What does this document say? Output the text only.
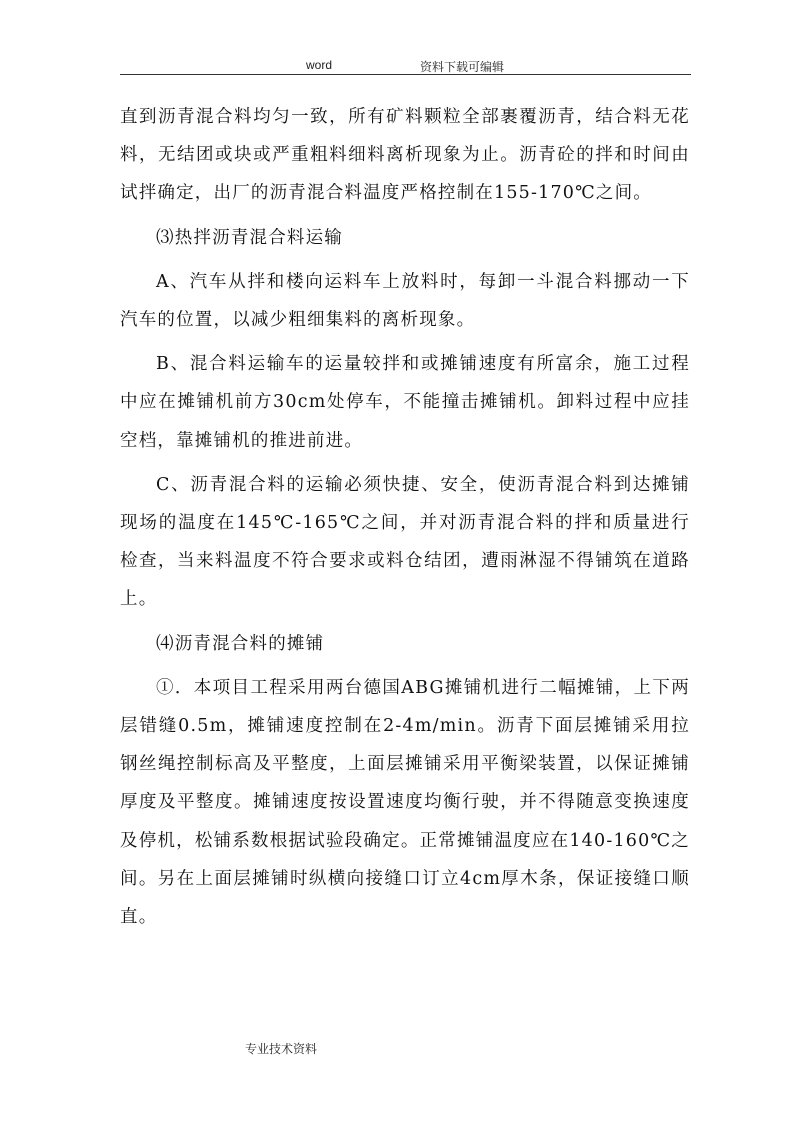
word	资料下载可编辑

直到沥青混合料均匀一致，所有矿料颗粒全部裹覆沥青，结合料无花料，无结团或块或严重粗料细料离析现象为止。沥青砼的拌和时间由试拌确定，出厂的沥青混合料温度严格控制在155-170℃之间。

⑶热拌沥青混合料运输

A、汽车从拌和楼向运料车上放料时，每卸一斗混合料挪动一下汽车的位置，以减少粗细集料的离析现象。

B、混合料运输车的运量较拌和或摊铺速度有所富余，施工过程中应在摊铺机前方30cm处停车，不能撞击摊铺机。卸料过程中应挂空档，靠摊铺机的推进前进。

C、沥青混合料的运输必须快捷、安全，使沥青混合料到达摊铺现场的温度在145℃-165℃之间，并对沥青混合料的拌和质量进行检查，当来料温度不符合要求或料仓结团，遭雨淋湿不得铺筑在道路上。

⑷沥青混合料的摊铺

①．本项目工程采用两台德国ABG摊铺机进行二幅摊铺，上下两层错缝0.5m，摊铺速度控制在2-4m/min。沥青下面层摊铺采用拉钢丝绳控制标高及平整度，上面层摊铺采用平衡梁装置，以保证摊铺厚度及平整度。摊铺速度按设置速度均衡行驶，并不得随意变换速度及停机，松铺系数根据试验段确定。正常摊铺温度应在140-160℃之间。另在上面层摊铺时纵横向接缝口订立4cm厚木条，保证接缝口顺直。

专业技术资料
